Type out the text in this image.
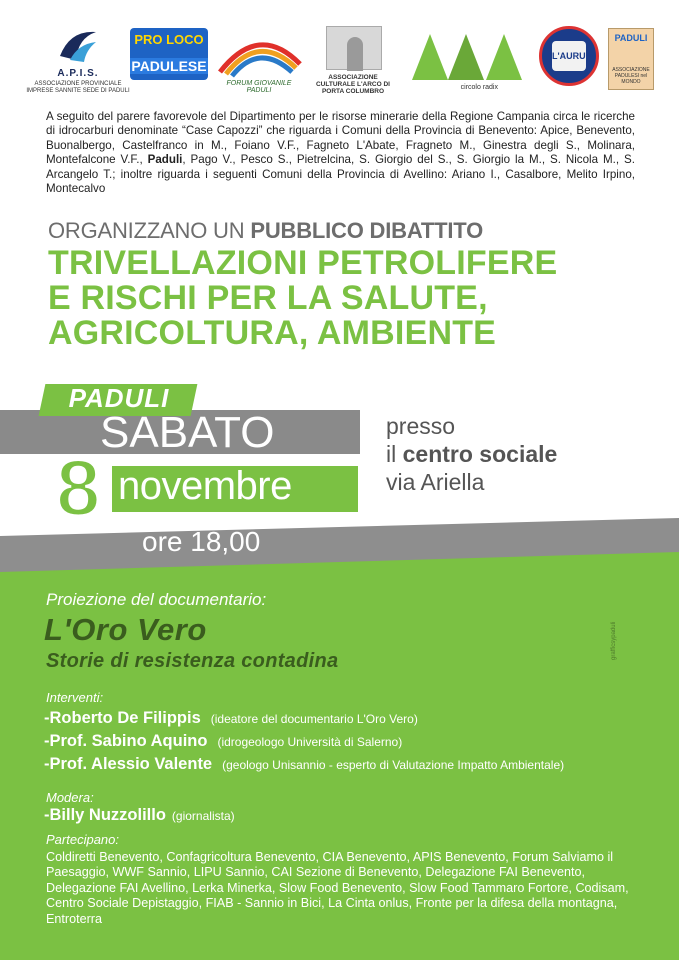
A.P.I.S.
ASSOCIAZIONE PROVINCIALE IMPRESE SANNITE SEDE DI PADULI
PRO LOCO
PADULESE
FORUM GIOVANILE PADULI
ASSOCIAZIONE CULTURALE L'ARCO DI PORTA COLUMBRO
circolo radix
L'AURUM
PADULI
ASSOCIAZIONE PADULESI nel MONDO
A seguito del parere favorevole del Dipartimento per le risorse minerarie della Regione Campania circa le ricerche di idrocarburi denominate “Case Capozzi” che riguarda i Comuni della Provincia di Benevento: Apice, Benevento, Buonalbergo, Castelfranco in M., Foiano V.F., Fagneto L'Abate, Fragneto M., Ginestra degli S., Molinara, Montefalcone V.F., Paduli, Pago V., Pesco S., Pietrelcina, S. Giorgio del S., S. Giorgio la M., S. Nicola M., S. Arcangelo T.; inoltre riguarda i seguenti Comuni della Provincia di Avellino: Ariano I., Casalbore, Melito Irpino, Montecalvo
ORGANIZZANO UN PUBBLICO DIBATTITO
TRIVELLAZIONI PETROLIFERE
E RISCHI PER LA SALUTE,
AGRICOLTURA, AMBIENTE
PADULI
SABATO
novembre
8
ore 18,00
presso
il centro sociale
via Ariella
Proiezione del documentario:
L'Oro Vero
Storie di resistenza contadina
grafficsypaduli
Interventi:
-Roberto De Filippis (ideatore del documentario L'Oro Vero)
-Prof. Sabino Aquino (idrogeologo Università di Salerno)
-Prof. Alessio Valente (geologo Unisannio - esperto di Valutazione Impatto Ambientale)
Modera:
-Billy Nuzzolillo (giornalista)
Partecipano:
Coldiretti Benevento, Confagricoltura Benevento, CIA Benevento, APIS Benevento, Forum Salviamo il Paesaggio, WWF Sannio, LIPU Sannio, CAI Sezione di Benevento, Delegazione FAI Benevento, Delegazione FAI Avellino, Lerka Minerka, Slow Food Benevento, Slow Food Tammaro Fortore, Codisam, Centro Sociale Depistaggio, FIAB - Sannio in Bici, La Cinta onlus, Fronte per la difesa della montagna, Entroterra
